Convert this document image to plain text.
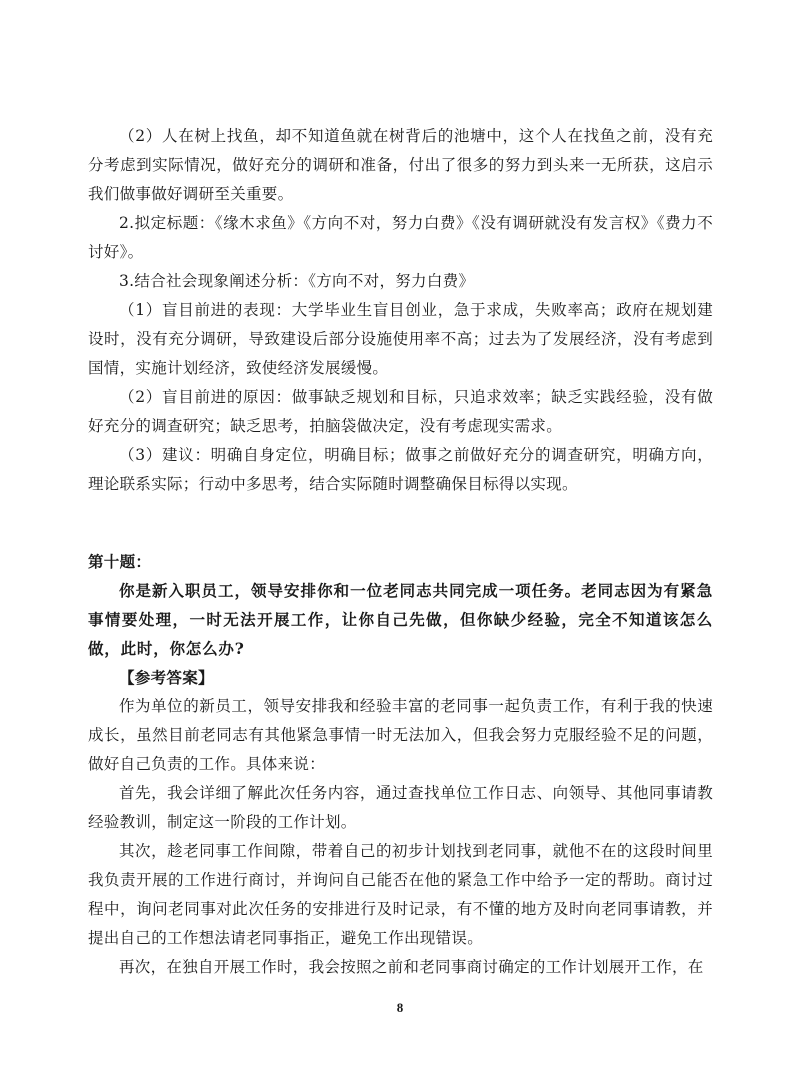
（2）人在树上找鱼，却不知道鱼就在树背后的池塘中，这个人在找鱼之前，没有充分考虑到实际情况，做好充分的调研和准备，付出了很多的努力到头来一无所获，这启示我们做事做好调研至关重要。

2.拟定标题：《缘木求鱼》《方向不对，努力白费》《没有调研就没有发言权》《费力不讨好》。

3.结合社会现象阐述分析：《方向不对，努力白费》

（1）盲目前进的表现：大学毕业生盲目创业，急于求成，失败率高；政府在规划建设时，没有充分调研，导致建设后部分设施使用率不高；过去为了发展经济，没有考虑到国情，实施计划经济，致使经济发展缓慢。

（2）盲目前进的原因：做事缺乏规划和目标，只追求效率；缺乏实践经验，没有做好充分的调查研究；缺乏思考，拍脑袋做决定，没有考虑现实需求。

（3）建议：明确自身定位，明确目标；做事之前做好充分的调查研究，明确方向，理论联系实际；行动中多思考，结合实际随时调整确保目标得以实现。

第十题：

你是新入职员工，领导安排你和一位老同志共同完成一项任务。老同志因为有紧急事情要处理，一时无法开展工作，让你自己先做，但你缺少经验，完全不知道该怎么做，此时，你怎么办?

【参考答案】

作为单位的新员工，领导安排我和经验丰富的老同事一起负责工作，有利于我的快速成长，虽然目前老同志有其他紧急事情一时无法加入，但我会努力克服经验不足的问题，做好自己负责的工作。具体来说：

首先，我会详细了解此次任务内容，通过查找单位工作日志、向领导、其他同事请教经验教训，制定这一阶段的工作计划。

其次，趁老同事工作间隙，带着自己的初步计划找到老同事，就他不在的这段时间里我负责开展的工作进行商讨，并询问自己能否在他的紧急工作中给予一定的帮助。商讨过程中，询问老同事对此次任务的安排进行及时记录，有不懂的地方及时向老同事请教，并提出自己的工作想法请老同事指正，避免工作出现错误。

再次，在独自开展工作时，我会按照之前和老同事商讨确定的工作计划展开工作，在

8
